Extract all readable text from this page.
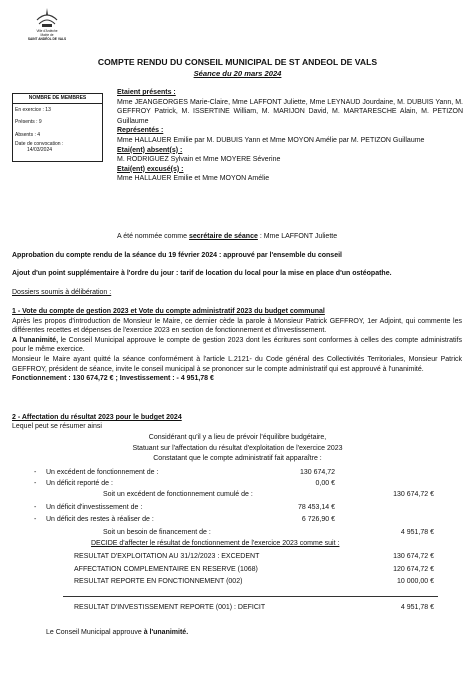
Ville d'Ardèche
Mairie de
SAINT ANDÉOL DE VALS
COMPTE RENDU DU CONSEIL MUNICIPAL DE ST ANDEOL DE VALS
Séance du 20 mars 2024
NOMBRE DE MEMBRES
En exercice : 13
Présents : 9
Absents : 4
Date de convocation :
14/03/2024
Etaient présents :
Mme JEANGEORGES Marie-Claire, Mme LAFFONT Juliette, Mme LEYNAUD Jourdaine, M. DUBUIS Yann, M. GEFFROY Patrick, M. ISSERTINE William, M. MARIJON David, M. MARTARESCHE Alain, M. PETIZON Guillaume
Représentés :
Mme HALLAUER Emilie par M. DUBUIS Yann et Mme MOYON Amélie par M. PETIZON Guillaume
Etai(ent) absent(s) :
M. RODRIGUEZ Sylvain et Mme MOYERE Séverine
Etai(ent) excusé(s) :
Mme HALLAUER Emilie et Mme MOYON Amélie
A été nommée comme secrétaire de séance : Mme LAFFONT Juliette
Approbation du compte rendu de la séance du 19 février 2024 : approuvé par l'ensemble du conseil
Ajout d'un point supplémentaire à l'ordre du jour : tarif de location du local pour la mise en place d'un ostéopathe.
Dossiers soumis à délibération :
1 - Vote du compte de gestion 2023 et Vote du compte administratif 2023 du budget communal
Après les propos d'introduction de Monsieur le Maire, ce dernier cède la parole à Monsieur Patrick GEFFROY, 1er Adjoint, qui commente les différentes recettes et dépenses de l'exercice 2023 en section de fonctionnement et d'investissement.
A l'unanimité, le Conseil Municipal approuve le compte de gestion 2023 dont les écritures sont conformes à celles des compte administratifs pour le même exercice.
Monsieur le Maire ayant quitté la séance conformément à l'article L.2121- du Code général des Collectivités Territoriales, Monsieur Patrick GEFFROY, président de séance, invite le conseil municipal à se prononcer sur le compte administratif qui est approuvé à l'unanimité.
Fonctionnement : 130 674,72 € ; Investissement : - 4 951,78 €
2 - Affectation du résultat 2023 pour le budget 2024
Lequel peut se résumer ainsi
Considérant qu'il y a lieu de prévoir l'équilibre budgétaire,
Statuant sur l'affectation du résultat d'exploitation de l'exercice 2023
Constatant que le compte administratif fait apparaître :
- Un excédent de fonctionnement de :	130 674,72
- Un déficit reporté de :	0,00 €
Soit un excédent de fonctionnement cumulé de :	130 674,72 €
- Un déficit d'investissement de :	78 453,14 €
- Un déficit des restes à réaliser de :	6 726,90 €
Soit un besoin de financement de :	4 951,78 €
DECIDE d'affecter le résultat de fonctionnement de l'exercice 2023 comme suit :
RESULTAT D'EXPLOITATION AU 31/12/2023 : EXCEDENT	130 674,72 €
AFFECTATION COMPLEMENTAIRE EN RESERVE (1068)	120 674,72 €
RESULTAT REPORTE EN FONCTIONNEMENT (002)	10 000,00 €
RESULTAT D'INVESTISSEMENT REPORTE (001) : DEFICIT	4 951,78 €
Le Conseil Municipal approuve à l'unanimité.
